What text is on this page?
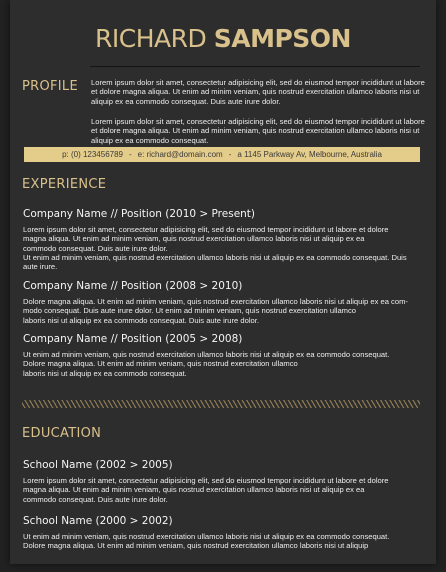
RICHARD SAMPSON
PROFILE Lorem ipsum dolor sit amet, consectetur adipisicing elit, sed do eiusmod tempor incididunt ut labore et dolore magna aliqua. Ut enim ad minim veniam, quis nostrud exercitation ullamco laboris nisi ut aliquip ex ea commodo consequat. Duis aute irure dolor.
Lorem ipsum dolor sit amet, consectetur adipisicing elit, sed do eiusmod tempor incididunt ut labore et dolore magna aliqua. Ut enim ad minim veniam, quis nostrud exercitation ullamco laboris nisi ut aliquip ex ea commodo consequat.
p: (0) 123456789 - e: richard@domain.com - a 1145 Parkway Av, Melbourne, Australia
EXPERIENCE
Company Name // Position (2010 > Present)
Lorem ipsum dolor sit amet, consectetur adipisicing elit, sed do eiusmod tempor incididunt ut labore et dolore
magna aliqua. Ut enim ad minim veniam, quis nostrud exercitation ullamco laboris nisi ut aliquip ex ea
commodo consequat. Duis aute irure dolor.
Ut enim ad minim veniam, quis nostrud exercitation ullamco laboris nisi ut aliquip ex ea commodo consequat. Duis
aute irure.
Company Name // Position (2008 > 2010)
Dolore magna aliqua. Ut enim ad minim veniam, quis nostrud exercitation ullamco laboris nisi ut aliquip ex ea com-
modo consequat. Duis aute irure dolor. Ut enim ad minim veniam, quis nostrud exercitation ullamco
laboris nisi ut aliquip ex ea commodo consequat. Duis aute irure dolor.
Company Name // Position (2005 > 2008)
Ut enim ad minim veniam, quis nostrud exercitation ullamco laboris nisi ut aliquip ex ea commodo consequat.
Dolore magna aliqua. Ut enim ad minim veniam, quis nostrud exercitation ullamco
laboris nisi ut aliquip ex ea commodo consequat.
EDUCATION
School Name (2002 > 2005)
Lorem ipsum dolor sit amet, consectetur adipisicing elit, sed do eiusmod tempor incididunt ut labore et dolore
magna aliqua. Ut enim ad minim veniam, quis nostrud exercitation ullamco laboris nisi ut aliquip ex ea
commodo consequat. Duis aute irure dolor.
School Name (2000 > 2002)
Ut enim ad minim veniam, quis nostrud exercitation ullamco laboris nisi ut aliquip ex ea commodo consequat.
Dolore magna aliqua. Ut enim ad minim veniam, quis nostrud exercitation ullamco laboris nisi ut aliquip
